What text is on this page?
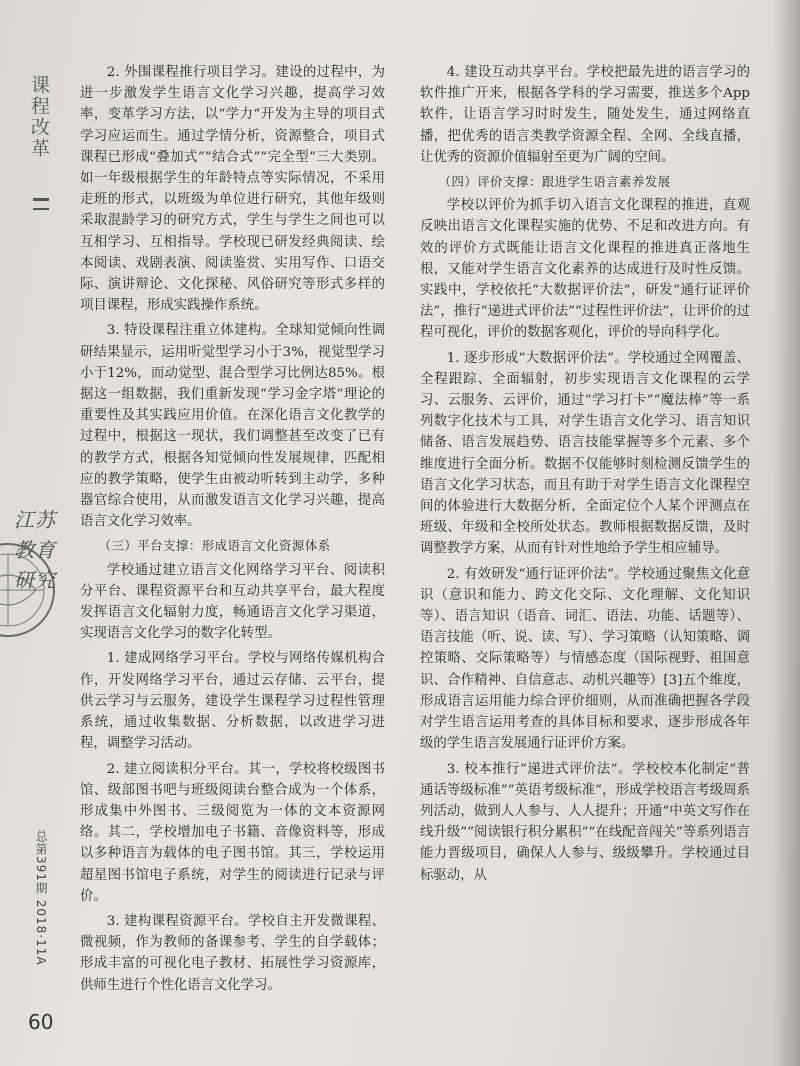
课程改革
江苏
教育
研究
总第391期 2018·11A
60

2. 外围课程推行项目学习。建设的过程中，为进一步激发学生语言文化学习兴趣，提高学习效率，变革学习方法，以“学力”开发为主导的项目式学习应运而生。通过学情分析，资源整合，项目式课程已形成“叠加式”“结合式”“完全型”三大类别。如一年级根据学生的年龄特点等实际情况，不采用走班的形式，以班级为单位进行研究，其他年级则采取混龄学习的研究方式，学生与学生之间也可以互相学习、互相指导。学校现已研发经典阅读、绘本阅读、戏剧表演、阅读鉴赏、实用写作、口语交际、演讲辩论、文化探秘、风俗研究等形式多样的项目课程，形成实践操作系统。

3. 特设课程注重立体建构。全球知觉倾向性调研结果显示，运用听觉型学习小于3%，视觉型学习小于12%，而动觉型、混合型学习比例达85%。根据这一组数据，我们重新发现“学习金字塔”理论的重要性及其实践应用价值。在深化语言文化教学的过程中，根据这一现状，我们调整甚至改变了已有的教学方式，根据各知觉倾向性发展规律，匹配相应的教学策略，使学生由被动听转到主动学，多种器官综合使用，从而激发语言文化学习兴趣，提高语言文化学习效率。

（三）平台支撑：形成语言文化资源体系

学校通过建立语言文化网络学习平台、阅读积分平台、课程资源平台和互动共享平台，最大程度发挥语言文化辐射力度，畅通语言文化学习渠道，实现语言文化学习的数字化转型。

1. 建成网络学习平台。学校与网络传媒机构合作，开发网络学习平台，通过云存储、云平台，提供云学习与云服务，建设学生课程学习过程性管理系统，通过收集数据、分析数据，以改进学习进程，调整学习活动。

2. 建立阅读积分平台。其一，学校将校级图书馆、级部图书吧与班级阅读台整合成为一个体系，形成集中外图书、三级阅览为一体的文本资源网络。其二，学校增加电子书籍、音像资料等，形成以多种语言为载体的电子图书馆。其三，学校运用超星图书馆电子系统，对学生的阅读进行记录与评价。

3. 建构课程资源平台。学校自主开发微课程、微视频，作为教师的备课参考、学生的自学载体；形成丰富的可视化电子教材、拓展性学习资源库，供师生进行个性化语言文化学习。

4. 建设互动共享平台。学校把最先进的语言学习的软件推广开来，根据各学科的学习需要，推送多个App软件，让语言学习时时发生，随处发生，通过网络直播，把优秀的语言类教学资源全程、全网、全线直播，让优秀的资源价值辐射至更为广阔的空间。

（四）评价支撑：跟进学生语言素养发展

学校以评价为抓手切入语言文化课程的推进，直观反映出语言文化课程实施的优势、不足和改进方向。有效的评价方式既能让语言文化课程的推进真正落地生根，又能对学生语言文化素养的达成进行及时性反馈。实践中，学校依托“大数据评价法”，研发“通行证评价法”，推行“递进式评价法”“过程性评价法”，让评价的过程可视化，评价的数据客观化，评价的导向科学化。

1. 逐步形成“大数据评价法”。学校通过全网覆盖、全程跟踪、全面辐射，初步实现语言文化课程的云学习、云服务、云评价，通过“学习打卡”“魔法棒”等一系列数字化技术与工具，对学生语言文化学习、语言知识储备、语言发展趋势、语言技能掌握等多个元素、多个维度进行全面分析。数据不仅能够时刻检测反馈学生的语言文化学习状态，而且有助于对学生语言文化课程空间的体验进行大数据分析，全面定位个人某个评测点在班级、年级和全校所处状态。教师根据数据反馈，及时调整教学方案，从而有针对性地给予学生相应辅导。

2. 有效研发“通行证评价法”。学校通过聚焦文化意识（意识和能力、跨文化交际、文化理解、文化知识等）、语言知识（语音、词汇、语法、功能、话题等）、语言技能（听、说、读、写）、学习策略（认知策略、调控策略、交际策略等）与情感态度（国际视野、祖国意识、合作精神、自信意志、动机兴趣等）[3]五个维度，形成语言运用能力综合评价细则，从而准确把握各学段对学生语言运用考查的具体目标和要求，逐步形成各年级的学生语言发展通行证评价方案。

3. 校本推行“递进式评价法”。学校校本化制定“普通话等级标准”“英语考级标准”，形成学校语言考级周系列活动，做到人人参与、人人提升；开通“中英文写作在线升级”“阅读银行积分累积”“在线配音闯关”等系列语言能力晋级项目，确保人人参与、级级攀升。学校通过目标驱动，从
